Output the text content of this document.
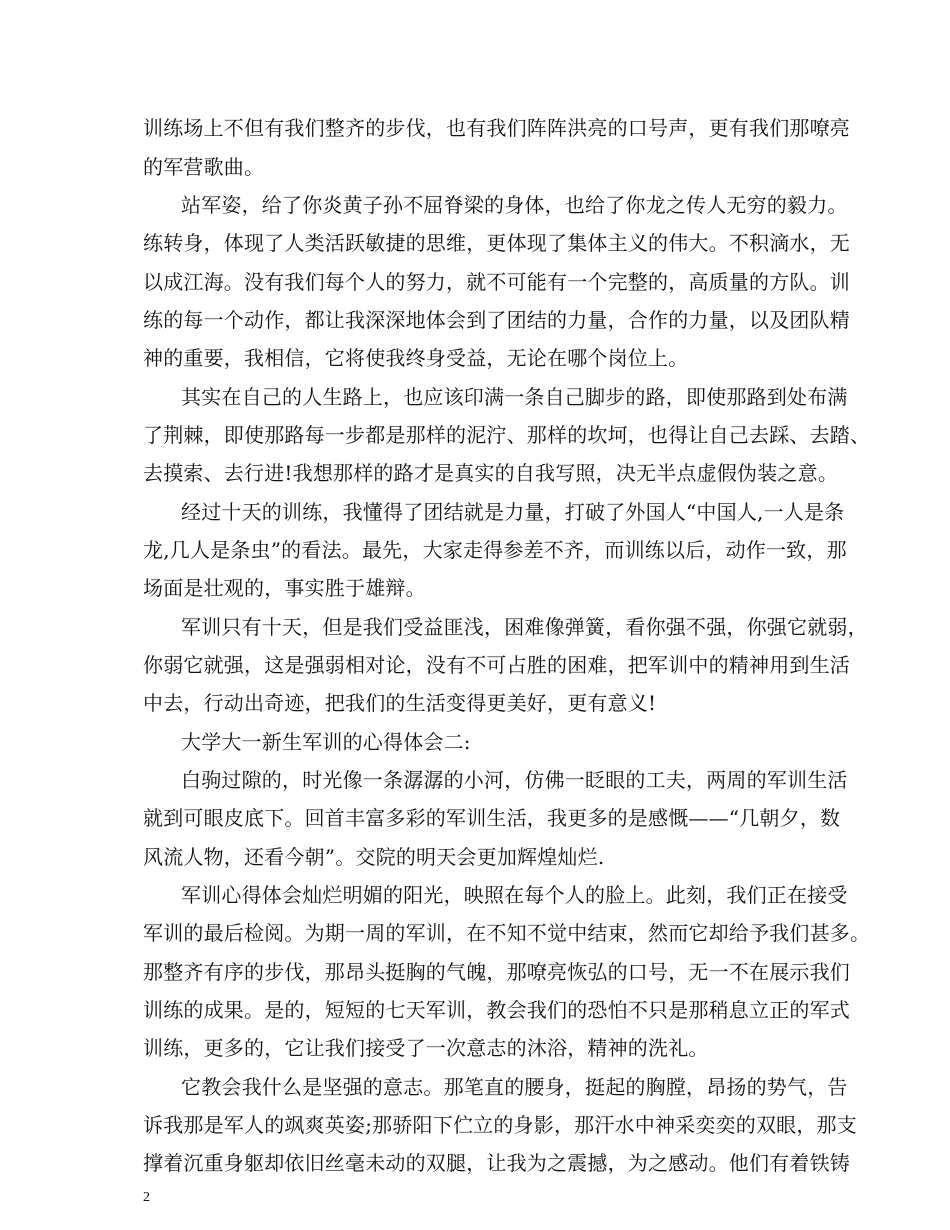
训练场上不但有我们整齐的步伐，也有我们阵阵洪亮的口号声，更有我们那嘹亮
的军营歌曲。
站军姿，给了你炎黄子孙不屈脊梁的身体，也给了你龙之传人无穷的毅力。
练转身，体现了人类活跃敏捷的思维，更体现了集体主义的伟大。不积滴水，无
以成江海。没有我们每个人的努力，就不可能有一个完整的，高质量的方队。训
练的每一个动作，都让我深深地体会到了团结的力量，合作的力量，以及团队精
神的重要，我相信，它将使我终身受益，无论在哪个岗位上。
其实在自己的人生路上，也应该印满一条自己脚步的路，即使那路到处布满
了荆棘，即使那路每一步都是那样的泥泞、那样的坎坷，也得让自己去踩、去踏、
去摸索、去行进!我想那样的路才是真实的自我写照，决无半点虚假伪装之意。
经过十天的训练，我懂得了团结就是力量，打破了外国人“中国人,一人是条
龙,几人是条虫”的看法。最先，大家走得参差不齐，而训练以后，动作一致，那
场面是壮观的，事实胜于雄辩。
军训只有十天，但是我们受益匪浅，困难像弹簧，看你强不强，你强它就弱，
你弱它就强，这是强弱相对论，没有不可占胜的困难，把军训中的精神用到生活
中去，行动出奇迹，把我们的生活变得更美好，更有意义!
大学大一新生军训的心得体会二:
白驹过隙的，时光像一条潺潺的小河，仿佛一眨眼的工夫，两周的军训生活
就到可眼皮底下。回首丰富多彩的军训生活，我更多的是感慨——“几朝夕，数
风流人物，还看今朝”。交院的明天会更加辉煌灿烂.
军训心得体会灿烂明媚的阳光，映照在每个人的脸上。此刻，我们正在接受
军训的最后检阅。为期一周的军训，在不知不觉中结束，然而它却给予我们甚多。
那整齐有序的步伐，那昂头挺胸的气魄，那嘹亮恢弘的口号，无一不在展示我们
训练的成果。是的，短短的七天军训，教会我们的恐怕不只是那稍息立正的军式
训练，更多的，它让我们接受了一次意志的沐浴，精神的洗礼。
它教会我什么是坚强的意志。那笔直的腰身，挺起的胸膛，昂扬的势气，告
诉我那是军人的飒爽英姿;那骄阳下伫立的身影，那汗水中神采奕奕的双眼，那支
撑着沉重身躯却依旧丝毫未动的双腿，让我为之震撼，为之感动。他们有着铁铸
2
